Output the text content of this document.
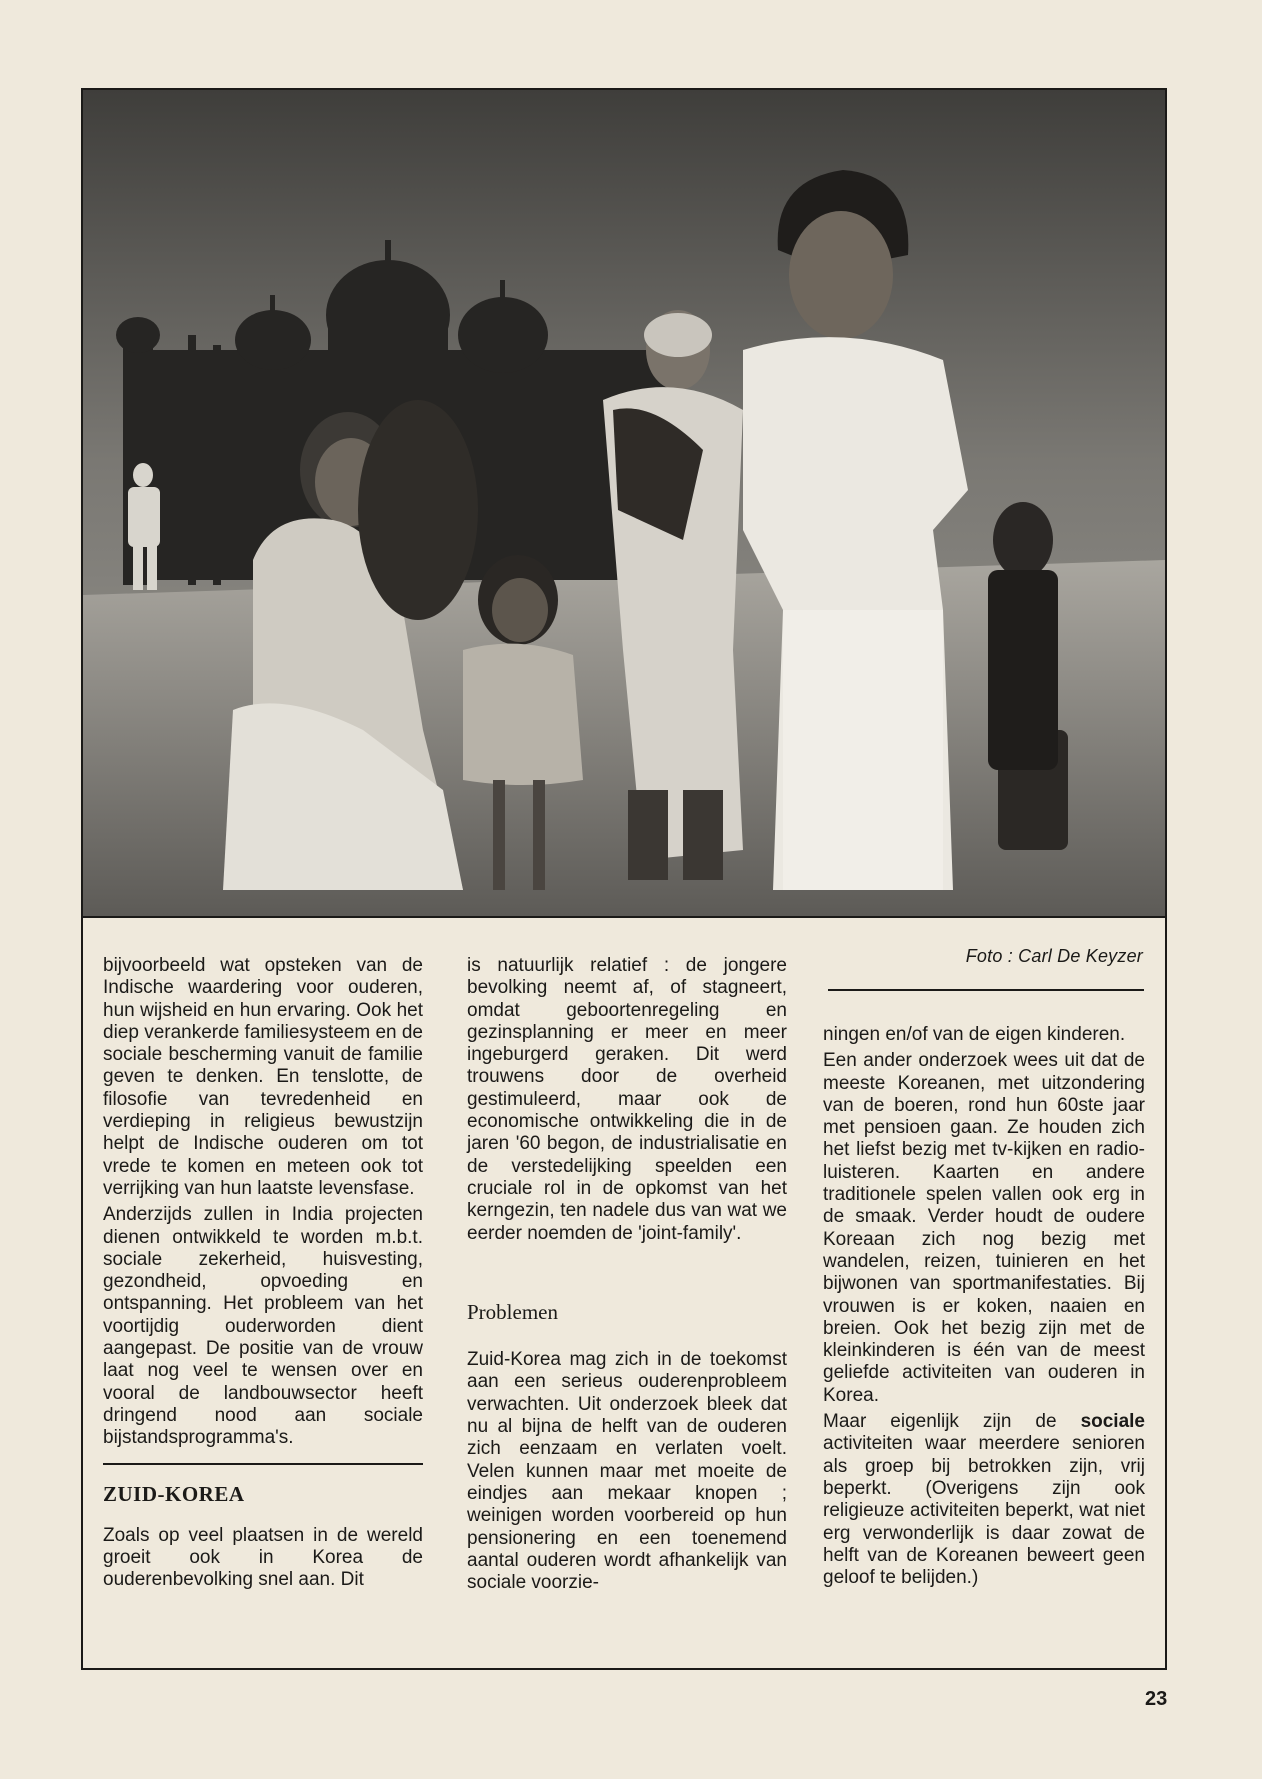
Foto : Carl De Keyzer

bijvoorbeeld wat opsteken van de Indische waardering voor ouderen, hun wijsheid en hun ervaring. Ook het diep verankerde familiesysteem en de sociale bescherming vanuit de familie geven te denken. En tenslotte, de filosofie van tevredenheid en verdieping in religieus bewustzijn helpt de Indische ouderen om tot vrede te komen en meteen ook tot verrijking van hun laatste levensfase.

Anderzijds zullen in India projecten dienen ontwikkeld te worden m.b.t. sociale zekerheid, huisvesting, gezondheid, opvoeding en ontspanning. Het probleem van het voortijdig ouderworden dient aangepast. De positie van de vrouw laat nog veel te wensen over en vooral de landbouwsector heeft dringend nood aan sociale bijstandsprogramma's.

ZUID-KOREA

Zoals op veel plaatsen in de wereld groeit ook in Korea de ouderenbevolking snel aan. Dit

is natuurlijk relatief : de jongere bevolking neemt af, of stagneert, omdat geboortenregeling en gezinsplanning er meer en meer ingeburgerd geraken. Dit werd trouwens door de overheid gestimuleerd, maar ook de economische ontwikkeling die in de jaren '60 begon, de industrialisatie en de verstedelijking speelden een cruciale rol in de opkomst van het kerngezin, ten nadele dus van wat we eerder noemden de 'joint-family'.

Problemen

Zuid-Korea mag zich in de toekomst aan een serieus ouderenprobleem verwachten. Uit onderzoek bleek dat nu al bijna de helft van de ouderen zich eenzaam en verlaten voelt. Velen kunnen maar met moeite de eindjes aan mekaar knopen ; weinigen worden voorbereid op hun pensionering en een toenemend aantal ouderen wordt afhankelijk van sociale voorzie-

ningen en/of van de eigen kinderen.

Een ander onderzoek wees uit dat de meeste Koreanen, met uitzondering van de boeren, rond hun 60ste jaar met pensioen gaan. Ze houden zich het liefst bezig met tv-kijken en radio-luisteren. Kaarten en andere traditionele spelen vallen ook erg in de smaak. Verder houdt de oudere Koreaan zich nog bezig met wandelen, reizen, tuinieren en het bijwonen van sportmanifestaties. Bij vrouwen is er koken, naaien en breien. Ook het bezig zijn met de kleinkinderen is één van de meest geliefde activiteiten van ouderen in Korea.

Maar eigenlijk zijn de sociale activiteiten waar meerdere senioren als groep bij betrokken zijn, vrij beperkt. (Overigens zijn ook religieuze activiteiten beperkt, wat niet erg verwonderlijk is daar zowat de helft van de Koreanen beweert geen geloof te belijden.)

23
